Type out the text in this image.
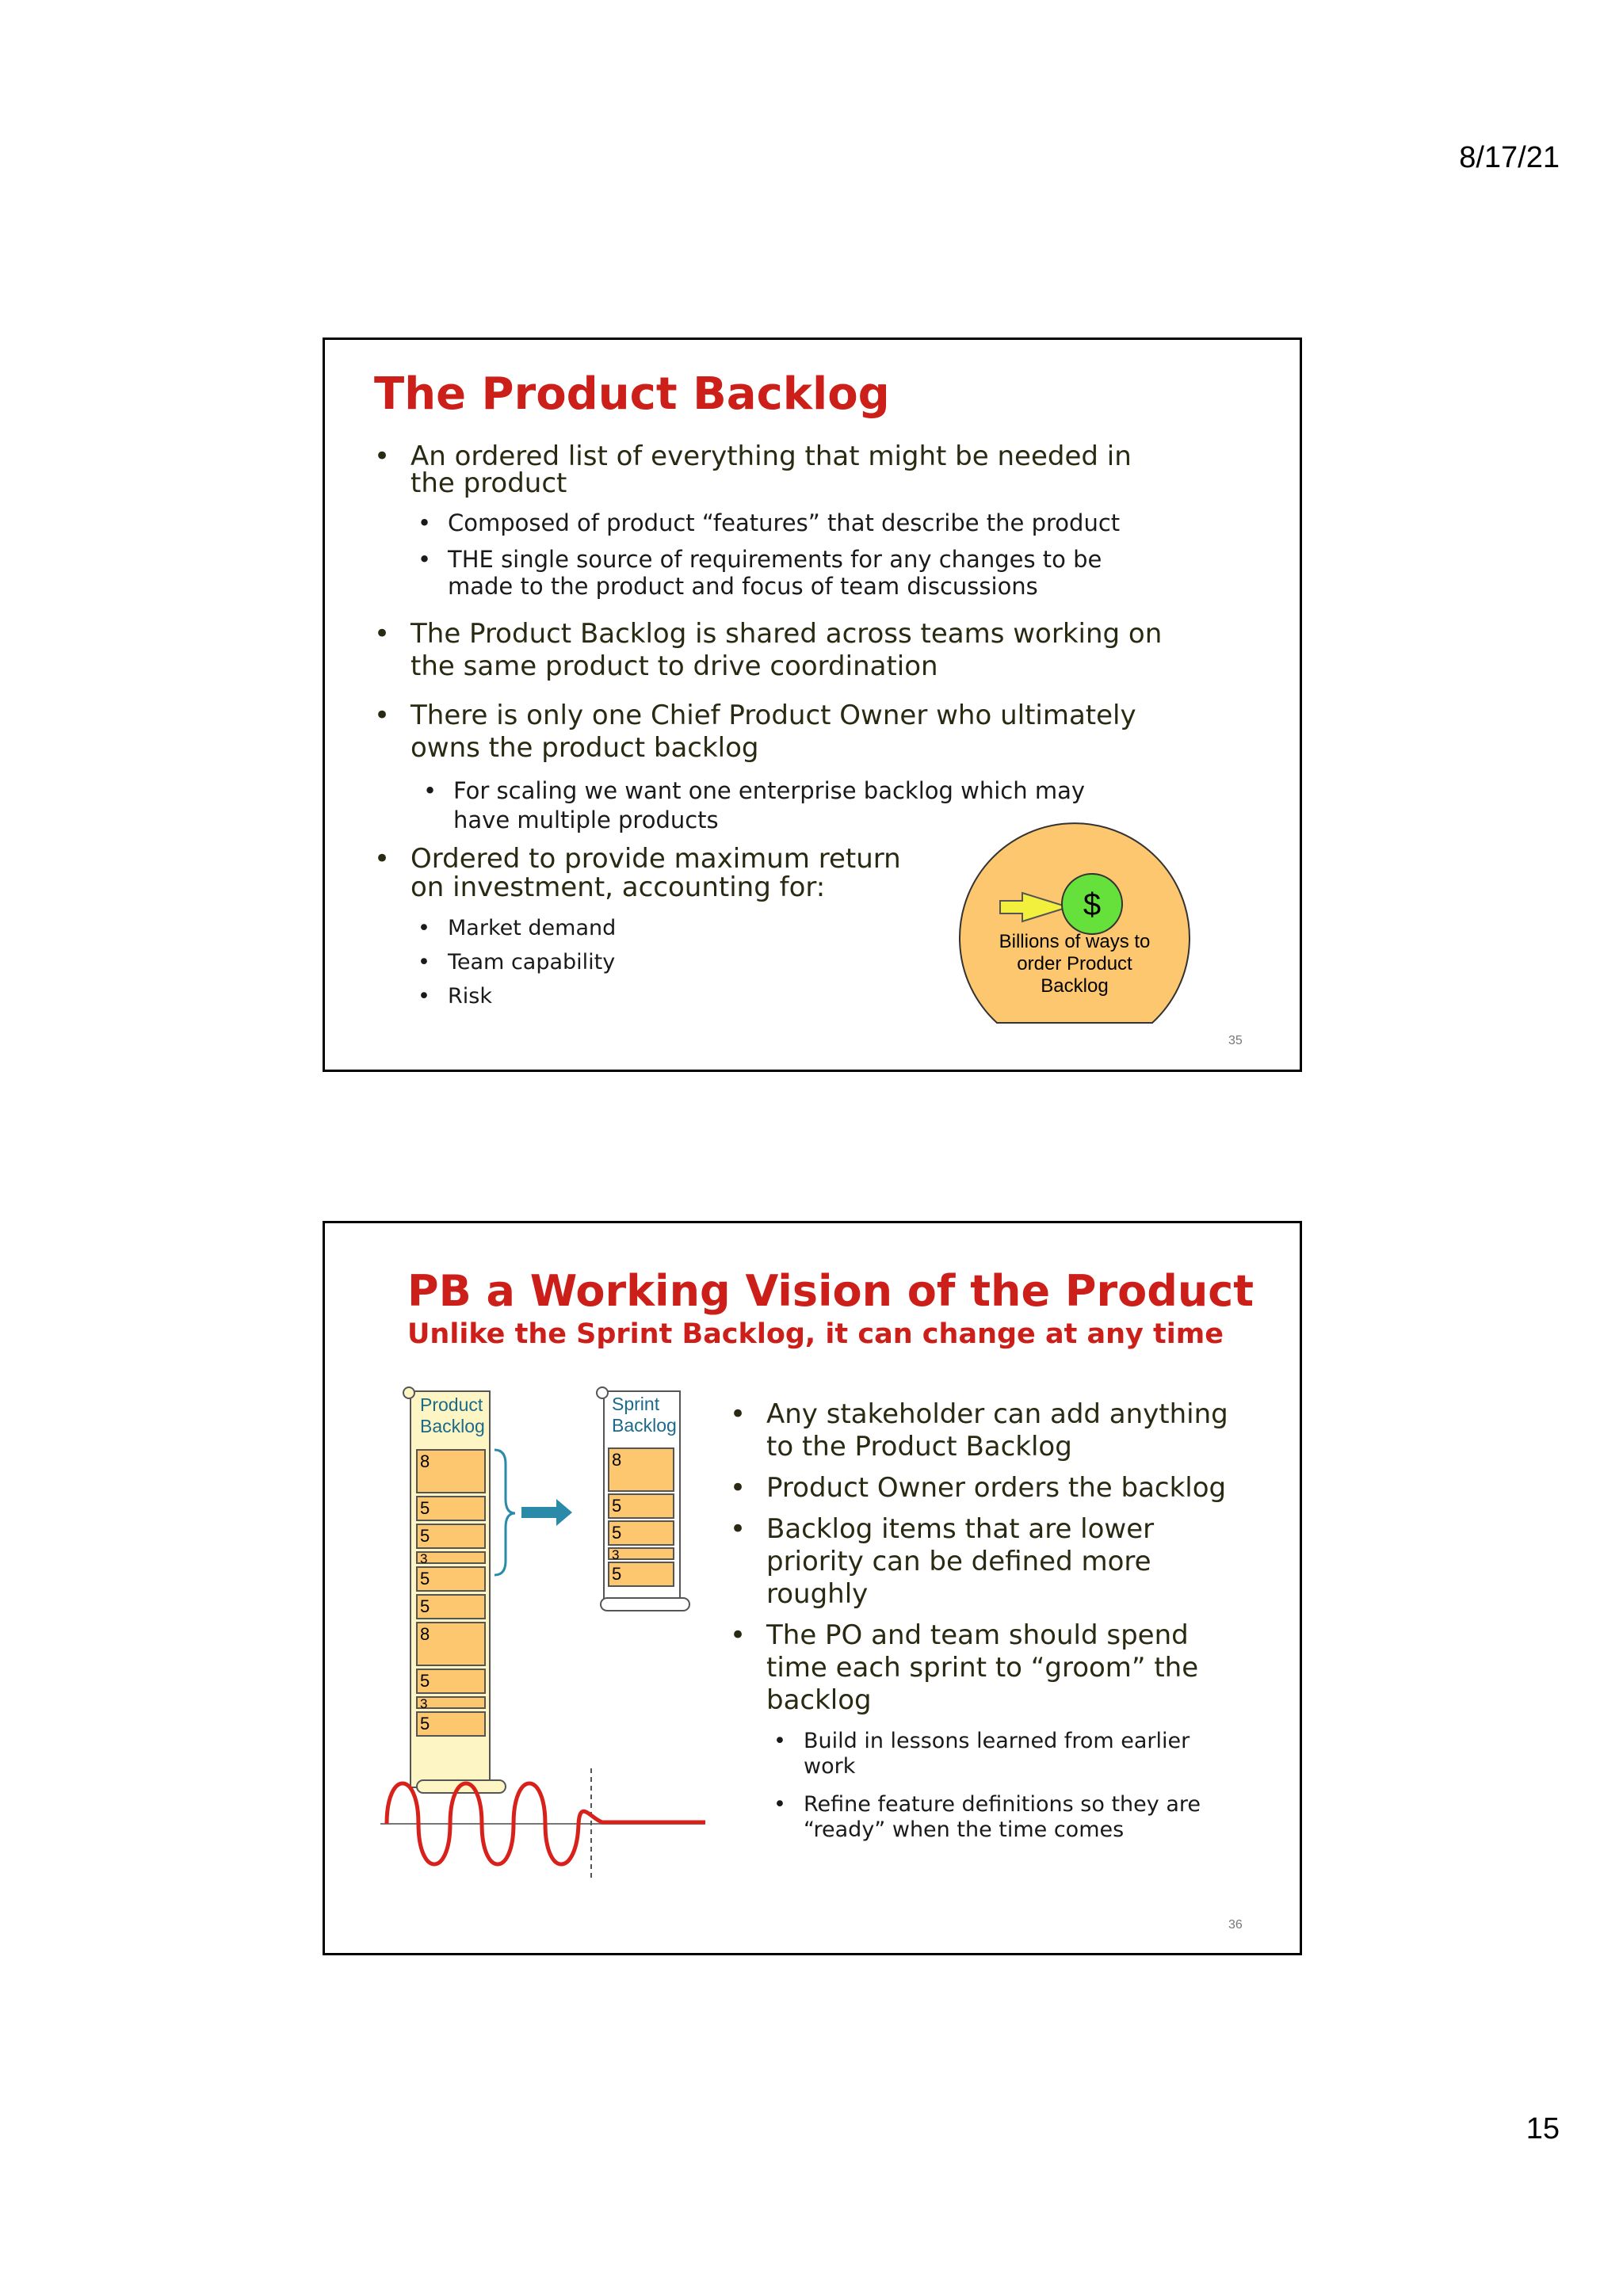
8/17/21
The Product Backlog
• An ordered list of everything that might be needed in
the product
• Composed of product “features” that describe the product
• THE single source of requirements for any changes to be
made to the product and focus of team discussions
• The Product Backlog is shared across teams working on
the same product to drive coordination
• There is only one Chief Product Owner who ultimately
owns the product backlog
• For scaling we want one enterprise backlog which may
have multiple products
• Ordered to provide maximum return
on investment, accounting for:
• Market demand
• Team capability
• Risk
$
Billions of ways to
order Product
Backlog
35
PB a Working Vision of the Product
Unlike the Sprint Backlog, it can change at any time
Product
Backlog
8
5
5
3
5
5
8
5
3
5
Sprint
Backlog
8
5
5
3
5
• Any stakeholder can add anything
to the Product Backlog
• Product Owner orders the backlog
• Backlog items that are lower
priority can be defined more
roughly
• The PO and team should spend
time each sprint to “groom” the
backlog
• Build in lessons learned from earlier
work
• Refine feature definitions so they are
“ready” when the time comes
36
15
